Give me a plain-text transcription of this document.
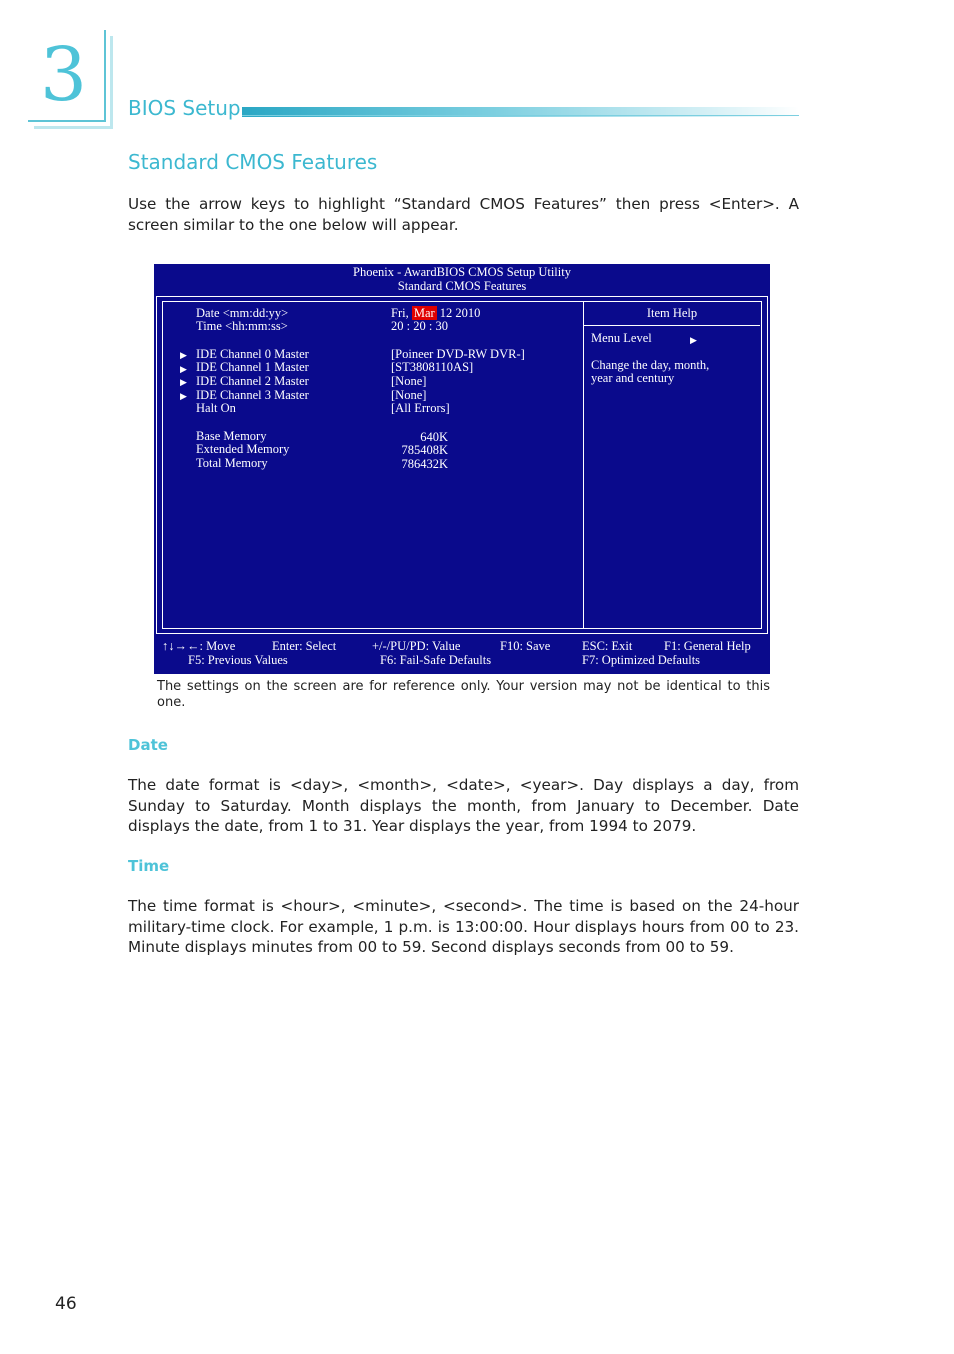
3 BIOS Setup
Standard CMOS Features
Use the arrow keys to highlight “Standard CMOS Features” then press <Enter>. A screen similar to the one below will appear.
Phoenix - AwardBIOS CMOS Setup Utility
Standard CMOS Features
Date <mm:dd:yy>	Fri, Mar 12 2010
Time <hh:mm:ss>	20 : 20 : 30
▶ IDE Channel 0 Master	[Poineer DVD-RW DVR-]
▶ IDE Channel 1 Master	[ST3808110AS]
▶ IDE Channel 2 Master	[None]
▶ IDE Channel 3 Master	[None]
Halt On	[All Errors]
Base Memory	640K
Extended Memory	785408K
Total Memory	786432K
Item Help
Menu Level	▶
Change the day, month,
year and century
↑↓→←: Move	Enter: Select	+/-/PU/PD: Value	F10: Save	ESC: Exit	F1: General Help
F5: Previous Values	F6: Fail-Safe Defaults	F7: Optimized Defaults
The settings on the screen are for reference only. Your version may not be identical to this one.
Date
The date format is <day>, <month>, <date>, <year>. Day displays a day, from Sunday to Saturday. Month displays the month, from January to December. Date displays the date, from 1 to 31. Year displays the year, from 1994 to 2079.
Time
The time format is <hour>, <minute>, <second>. The time is based on the 24-hour military-time clock. For example, 1 p.m. is 13:00:00. Hour displays hours from 00 to 23. Minute displays minutes from 00 to 59. Second displays seconds from 00 to 59.
46
